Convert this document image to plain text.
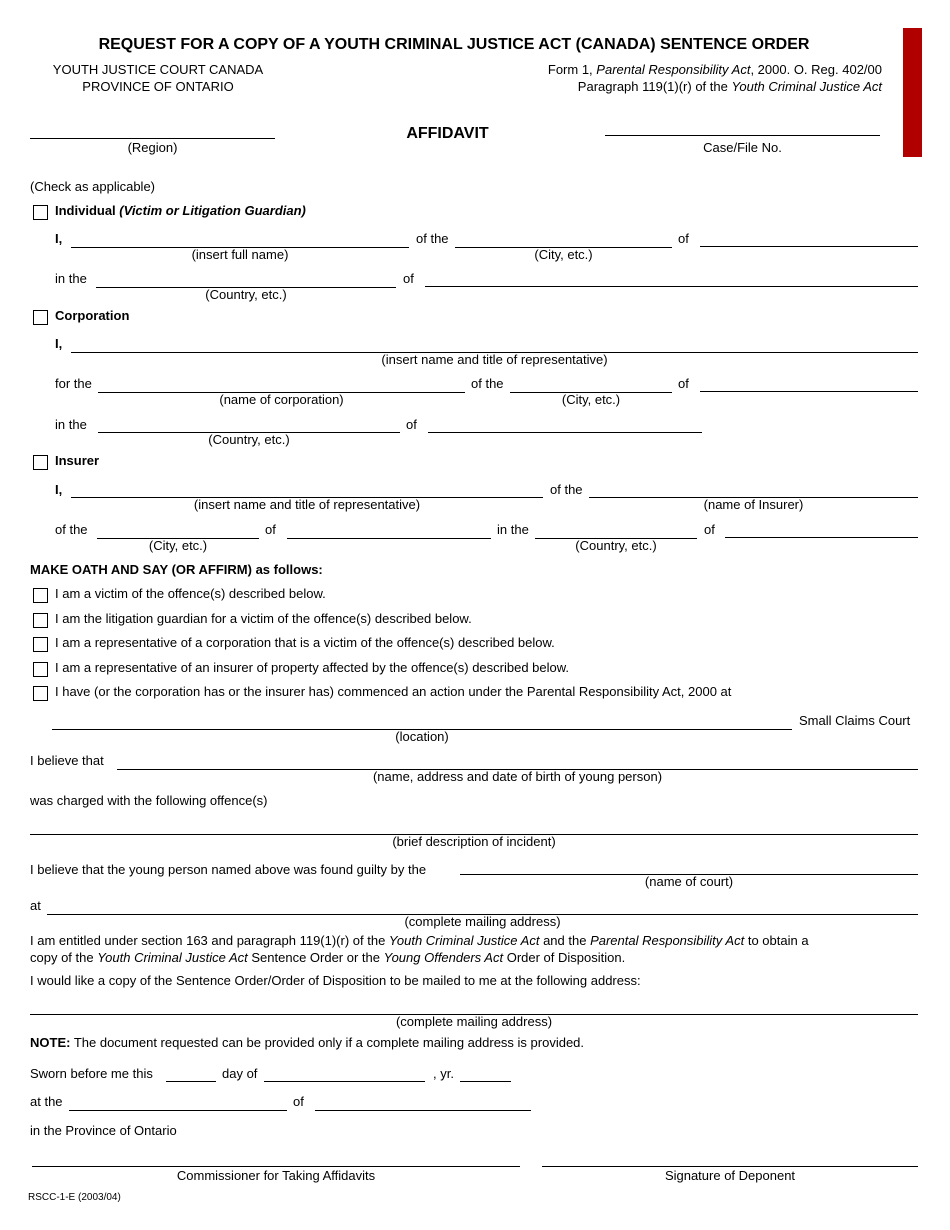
REQUEST FOR A COPY OF A YOUTH CRIMINAL JUSTICE ACT (CANADA) SENTENCE ORDER
YOUTH JUSTICE COURT CANADA
PROVINCE OF ONTARIO
Form 1, Parental Responsibility Act, 2000. O. Reg. 402/00
Paragraph 119(1)(r) of the Youth Criminal Justice Act
(Region)
AFFIDAVIT
Case/File No.
(Check as applicable)
Individual (Victim or Litigation Guardian)
I,
(insert full name)
of the
(City, etc.)
of
in the
(Country, etc.)
of
Corporation
I,
(insert name and title of representative)
for the
(name of corporation)
of the
(City, etc.)
of
in the
(Country, etc.)
of
Insurer
I,
(insert name and title of representative)
of the
(name of Insurer)
of the
(City, etc.)
of	in the
(Country, etc.)
of
MAKE OATH AND SAY (OR AFFIRM) as follows:
I am a victim of the offence(s) described below.
I am the litigation guardian for a victim of the offence(s) described below.
I am a representative of a corporation that is a victim of the offence(s) described below.
I am a representative of an insurer of property affected by the offence(s) described below.
I have (or the corporation has or the insurer has) commenced an action under the Parental Responsibility Act, 2000 at
(location)
Small Claims Court
I believe that
(name, address and date of birth of young person)
was charged with the following offence(s)
(brief description of incident)
I believe that the young person named above was found guilty by the
(name of court)
at
(complete mailing address)
I am entitled under section 163 and paragraph 119(1)(r) of the Youth Criminal Justice Act and the Parental Responsibility Act to obtain a
copy of the Youth Criminal Justice Act Sentence Order or the Young Offenders Act Order of Disposition.
I would like a copy of the Sentence Order/Order of Disposition to be mailed to me at the following address:
(complete mailing address)
NOTE: The document requested can be provided only if a complete mailing address is provided.
Sworn before me this	day of	, yr.
at the	of
in the Province of Ontario
Commissioner for Taking Affidavits	Signature of Deponent
RSCC-1-E (2003/04)
